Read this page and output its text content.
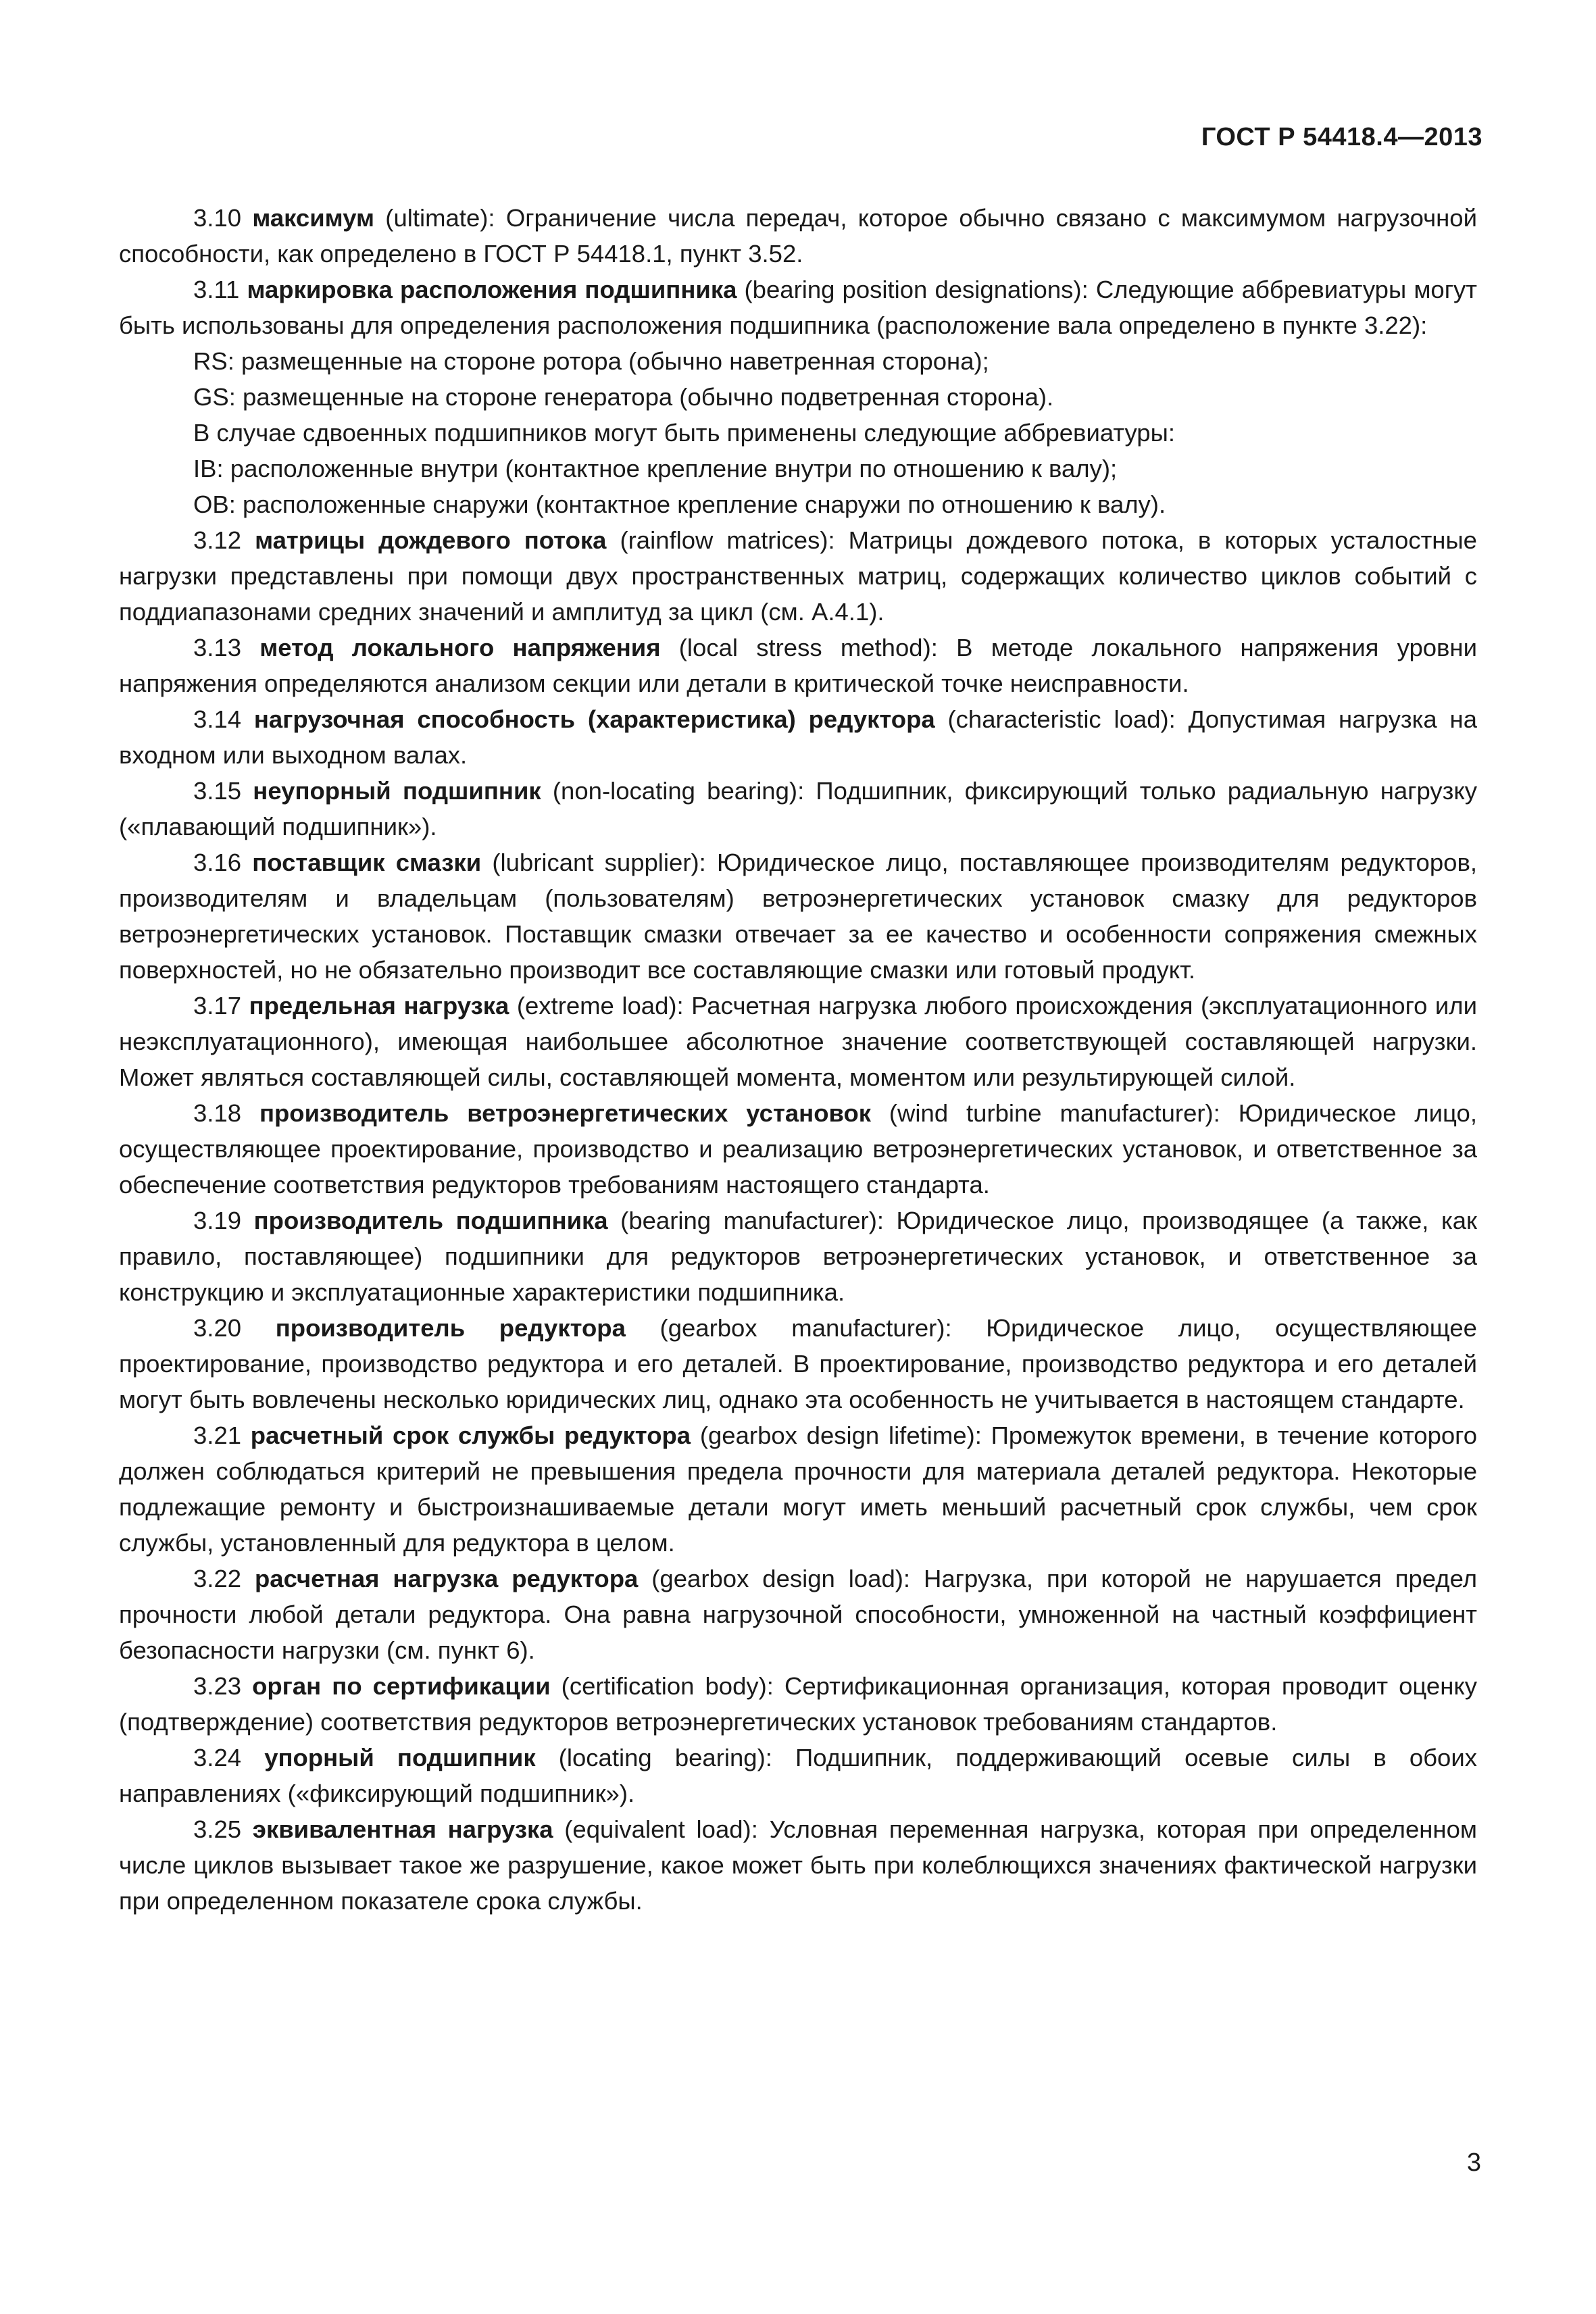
ГОСТ Р 54418.4—2013

3.10 максимум (ultimate): Ограничение числа передач, которое обычно связано с максимумом нагрузочной способности, как определено в ГОСТ Р 54418.1, пункт 3.52.

3.11 маркировка расположения подшипника (bearing position designations): Следующие аббревиатуры могут быть использованы для определения расположения подшипника (расположение вала определено в пункте 3.22):

RS: размещенные на стороне ротора (обычно наветренная сторона);

GS: размещенные на стороне генератора (обычно подветренная сторона).

В случае сдвоенных подшипников могут быть применены следующие аббревиатуры:

IB: расположенные внутри (контактное крепление внутри по отношению к валу);

OB: расположенные снаружи (контактное крепление снаружи по отношению к валу).

3.12 матрицы дождевого потока (rainflow matrices): Матрицы дождевого потока, в которых усталостные нагрузки представлены при помощи двух пространственных матриц, содержащих количество циклов событий с поддиапазонами средних значений и амплитуд за цикл (см. А.4.1).

3.13 метод локального напряжения (local stress method): В методе локального напряжения уровни напряжения определяются анализом секции или детали в критической точке неисправности.

3.14 нагрузочная способность (характеристика) редуктора (characteristic load): Допустимая нагрузка на входном или выходном валах.

3.15 неупорный подшипник (non-locating bearing): Подшипник, фиксирующий только радиальную нагрузку («плавающий подшипник»).

3.16 поставщик смазки (lubricant supplier): Юридическое лицо, поставляющее производителям редукторов, производителям и владельцам (пользователям) ветроэнергетических установок смазку для редукторов ветроэнергетических установок. Поставщик смазки отвечает за ее качество и особенности сопряжения смежных поверхностей, но не обязательно производит все составляющие смазки или готовый продукт.

3.17 предельная нагрузка (extreme load): Расчетная нагрузка любого происхождения (эксплуатационного или неэксплуатационного), имеющая наибольшее абсолютное значение соответствующей составляющей нагрузки. Может являться составляющей силы, составляющей момента, моментом или результирующей силой.

3.18 производитель ветроэнергетических установок (wind turbine manufacturer): Юридическое лицо, осуществляющее проектирование, производство и реализацию ветроэнергетических установок, и ответственное за обеспечение соответствия редукторов требованиям настоящего стандарта.

3.19 производитель подшипника (bearing manufacturer): Юридическое лицо, производящее (а также, как правило, поставляющее) подшипники для редукторов ветроэнергетических установок, и ответственное за конструкцию и эксплуатационные характеристики подшипника.

3.20 производитель редуктора (gearbox manufacturer): Юридическое лицо, осуществляющее проектирование, производство редуктора и его деталей. В проектирование, производство редуктора и его деталей могут быть вовлечены несколько юридических лиц, однако эта особенность не учитывается в настоящем стандарте.

3.21 расчетный срок службы редуктора (gearbox design lifetime): Промежуток времени, в течение которого должен соблюдаться критерий не превышения предела прочности для материала деталей редуктора. Некоторые подлежащие ремонту и быстроизнашиваемые детали могут иметь меньший расчетный срок службы, чем срок службы, установленный для редуктора в целом.

3.22 расчетная нагрузка редуктора (gearbox design load): Нагрузка, при которой не нарушается предел прочности любой детали редуктора. Она равна нагрузочной способности, умноженной на частный коэффициент безопасности нагрузки (см. пункт 6).

3.23 орган по сертификации (certification body): Сертификационная организация, которая проводит оценку (подтверждение) соответствия редукторов ветроэнергетических установок требованиям стандартов.

3.24 упорный подшипник (locating bearing): Подшипник, поддерживающий осевые силы в обоих направлениях («фиксирующий подшипник»).

3.25 эквивалентная нагрузка (equivalent load): Условная переменная нагрузка, которая при определенном числе циклов вызывает такое же разрушение, какое может быть при колеблющихся значениях фактической нагрузки при определенном показателе срока службы.

3
